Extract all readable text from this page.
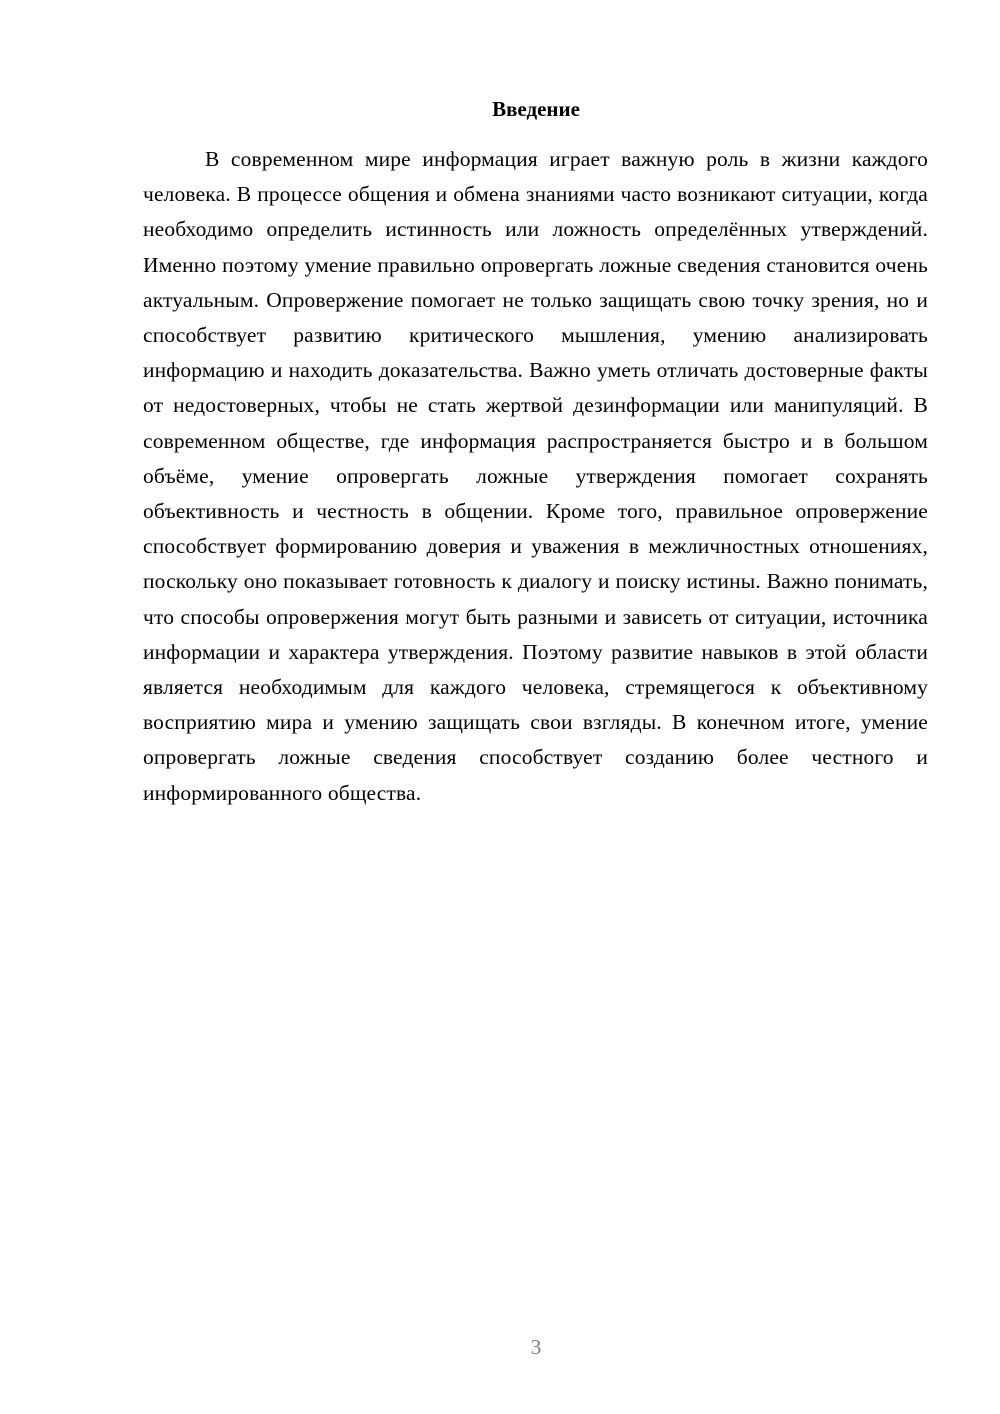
Введение

В современном мире информация играет важную роль в жизни каждого человека. В процессе общения и обмена знаниями часто возникают ситуации, когда необходимо определить истинность или ложность определённых утверждений. Именно поэтому умение правильно опровергать ложные сведения становится очень актуальным. Опровержение помогает не только защищать свою точку зрения, но и способствует развитию критического мышления, умению анализировать информацию и находить доказательства. Важно уметь отличать достоверные факты от недостоверных, чтобы не стать жертвой дезинформации или манипуляций. В современном обществе, где информация распространяется быстро и в большом объёме, умение опровергать ложные утверждения помогает сохранять объективность и честность в общении. Кроме того, правильное опровержение способствует формированию доверия и уважения в межличностных отношениях, поскольку оно показывает готовность к диалогу и поиску истины. Важно понимать, что способы опровержения могут быть разными и зависеть от ситуации, источника информации и характера утверждения. Поэтому развитие навыков в этой области является необходимым для каждого человека, стремящегося к объективному восприятию мира и умению защищать свои взгляды. В конечном итоге, умение опровергать ложные сведения способствует созданию более честного и информированного общества.

3
